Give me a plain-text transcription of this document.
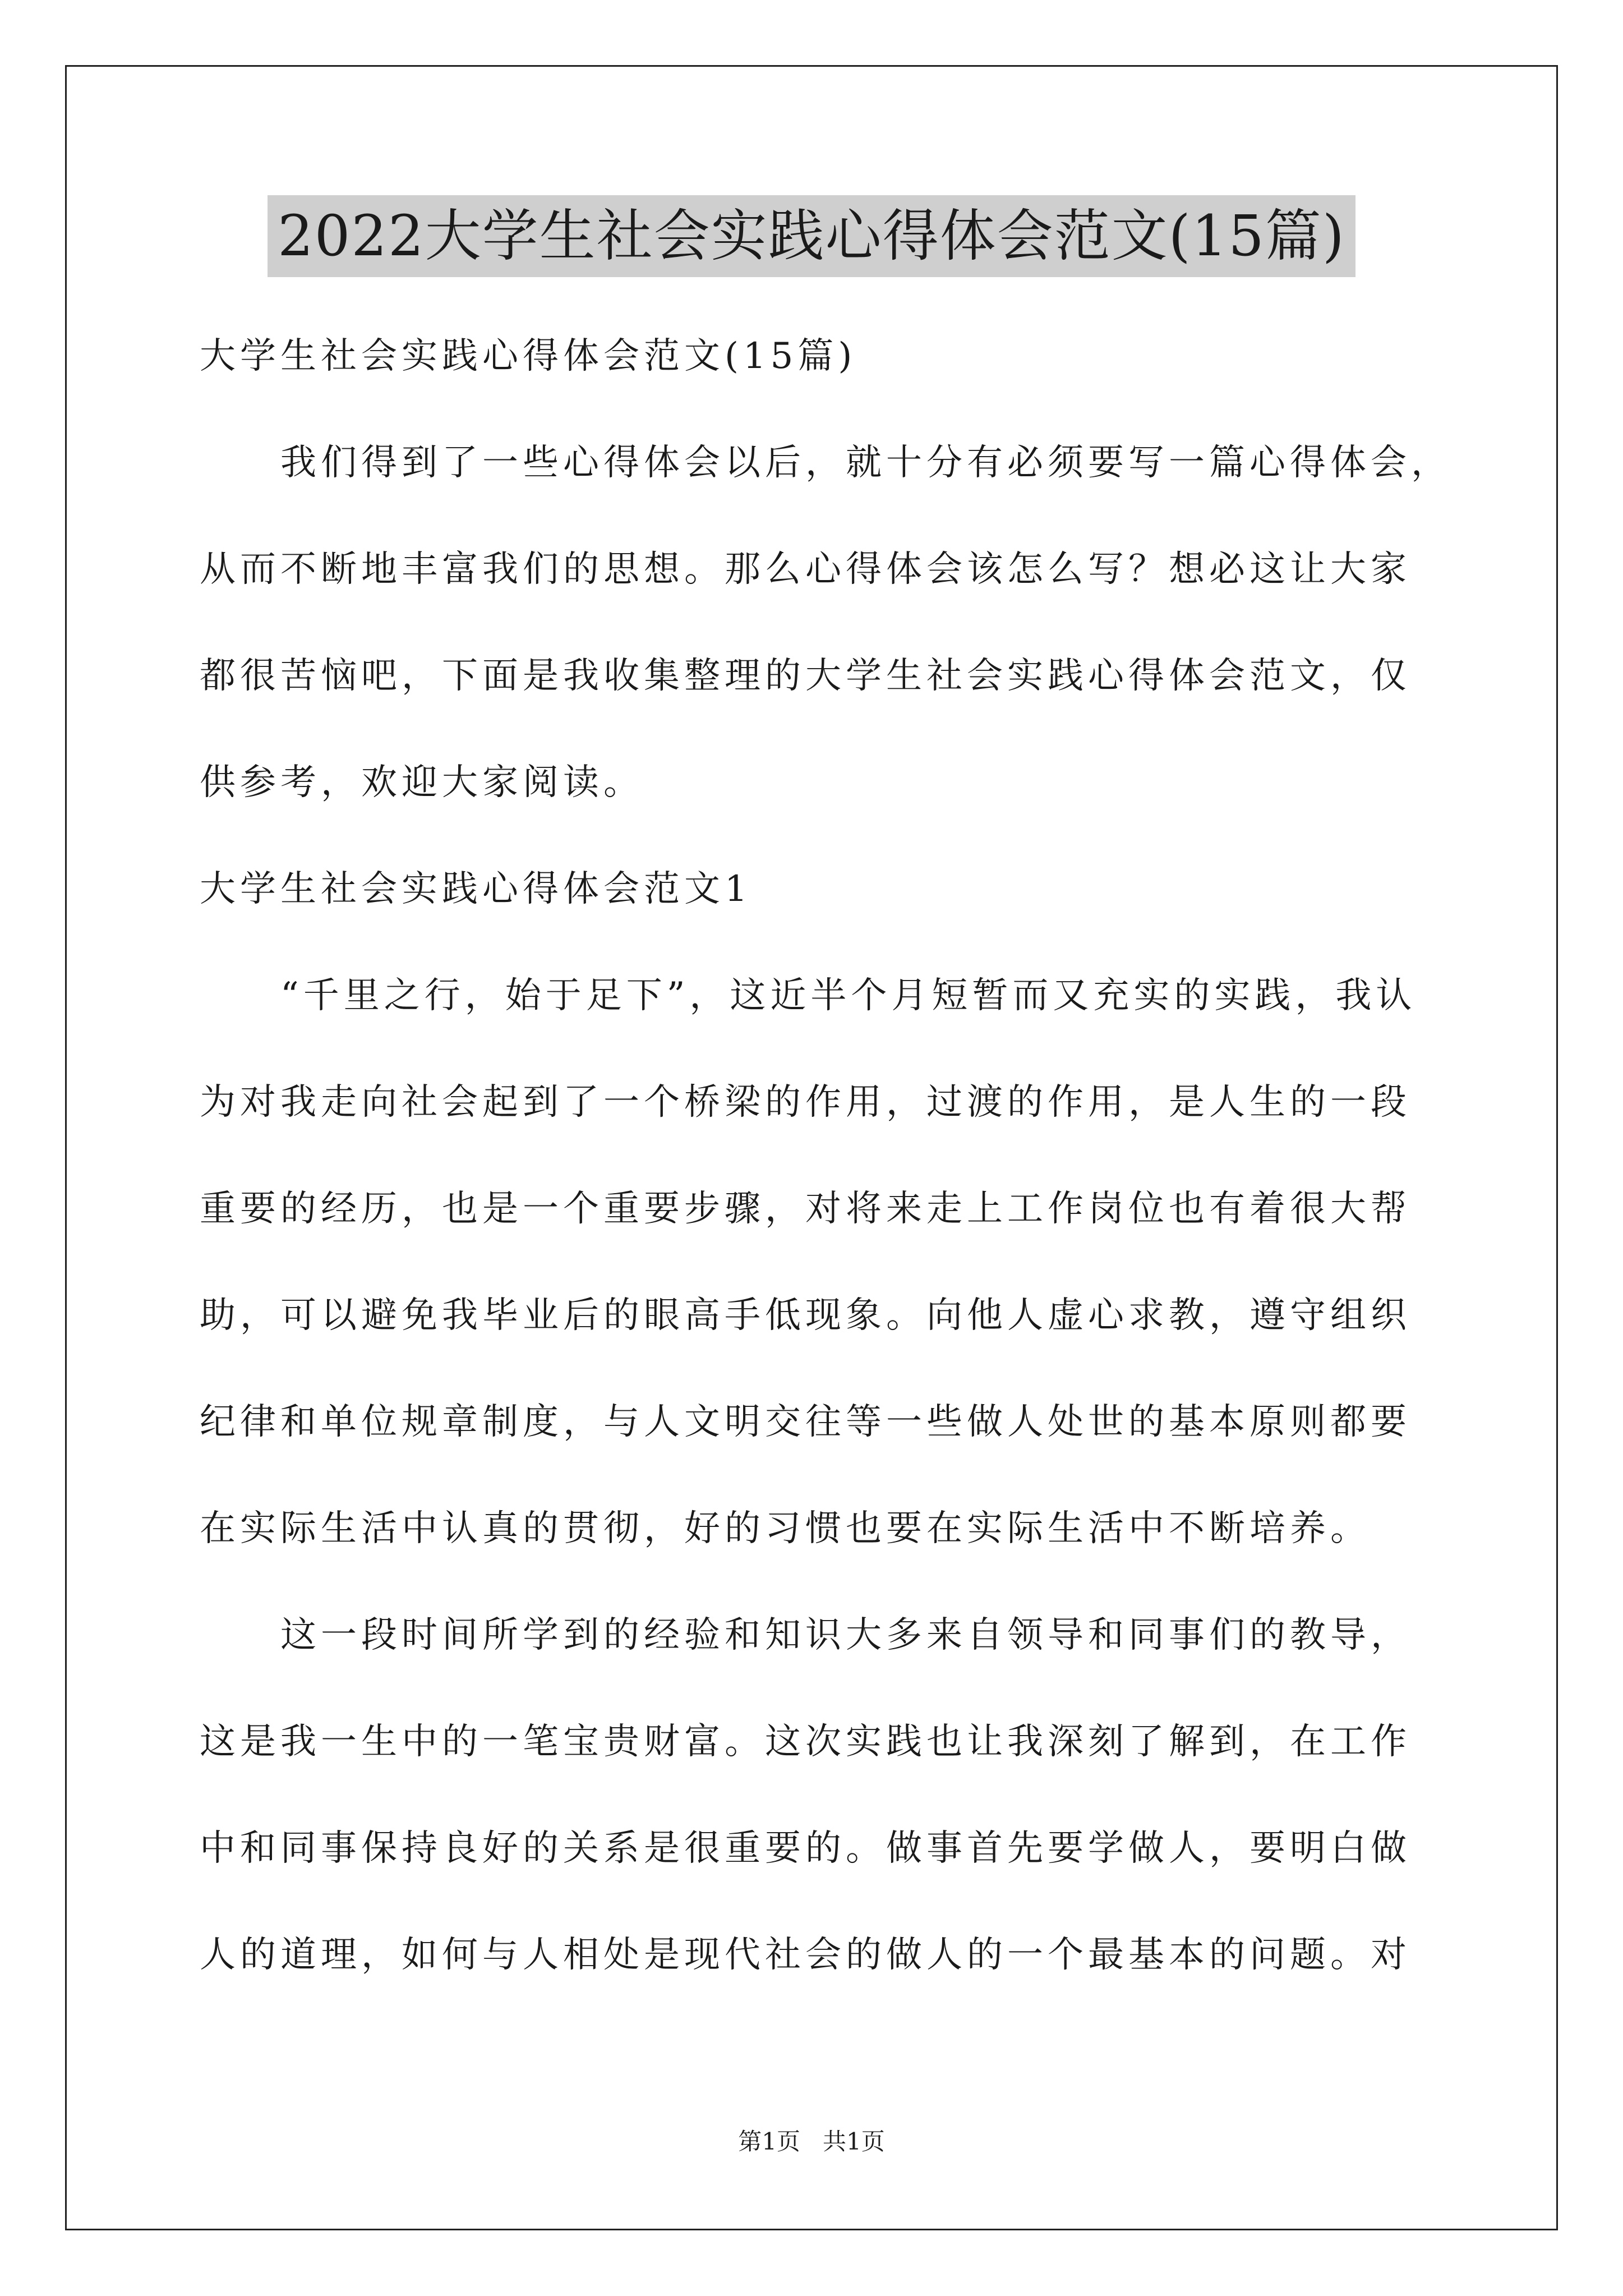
2022大学生社会实践心得体会范文(15篇)
大学生社会实践心得体会范文(15篇)
我们得到了一些心得体会以后，就十分有必须要写一篇心得体会，
从而不断地丰富我们的思想。那么心得体会该怎么写？想必这让大家
都很苦恼吧，下面是我收集整理的大学生社会实践心得体会范文，仅
供参考，欢迎大家阅读。
大学生社会实践心得体会范文1
“千里之行，始于足下”，这近半个月短暂而又充实的实践，我认
为对我走向社会起到了一个桥梁的作用，过渡的作用，是人生的一段
重要的经历，也是一个重要步骤，对将来走上工作岗位也有着很大帮
助，可以避免我毕业后的眼高手低现象。向他人虚心求教，遵守组织
纪律和单位规章制度，与人文明交往等一些做人处世的基本原则都要
在实际生活中认真的贯彻，好的习惯也要在实际生活中不断培养。
这一段时间所学到的经验和知识大多来自领导和同事们的教导，
这是我一生中的一笔宝贵财富。这次实践也让我深刻了解到，在工作
中和同事保持良好的关系是很重要的。做事首先要学做人，要明白做
人的道理，如何与人相处是现代社会的做人的一个最基本的问题。对
第1页   共1页
